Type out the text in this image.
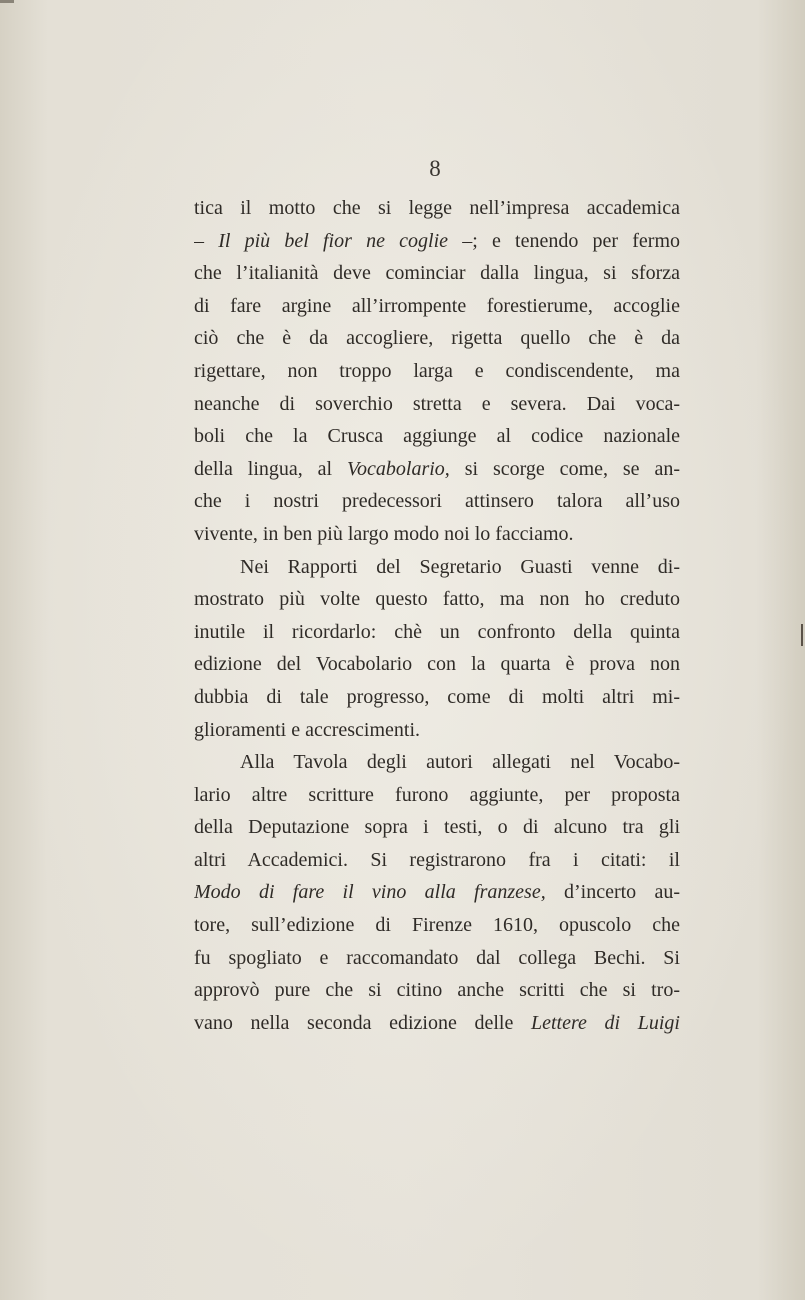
8
tica il motto che si legge nell’impresa accademica
– Il più bel fior ne coglie –; e tenendo per fermo
che l’italianità deve cominciar dalla lingua, si sforza
di fare argine all’irrompente forestierume, accoglie
ciò che è da accogliere, rigetta quello che è da
rigettare, non troppo larga e condiscendente, ma
neanche di soverchio stretta e severa. Dai voca-
boli che la Crusca aggiunge al codice nazionale
della lingua, al Vocabolario, si scorge come, se an-
che i nostri predecessori attinsero talora all’uso
vivente, in ben più largo modo noi lo facciamo.
Nei Rapporti del Segretario Guasti venne di-
mostrato più volte questo fatto, ma non ho creduto
inutile il ricordarlo: chè un confronto della quinta
edizione del Vocabolario con la quarta è prova non
dubbia di tale progresso, come di molti altri mi-
glioramenti e accrescimenti.
Alla Tavola degli autori allegati nel Vocabo-
lario altre scritture furono aggiunte, per proposta
della Deputazione sopra i testi, o di alcuno tra gli
altri Accademici. Si registrarono fra i citati: il
Modo di fare il vino alla franzese, d’incerto au-
tore, sull’edizione di Firenze 1610, opuscolo che
fu spogliato e raccomandato dal collega Bechi. Si
approvò pure che si citino anche scritti che si tro-
vano nella seconda edizione delle Lettere di Luigi
